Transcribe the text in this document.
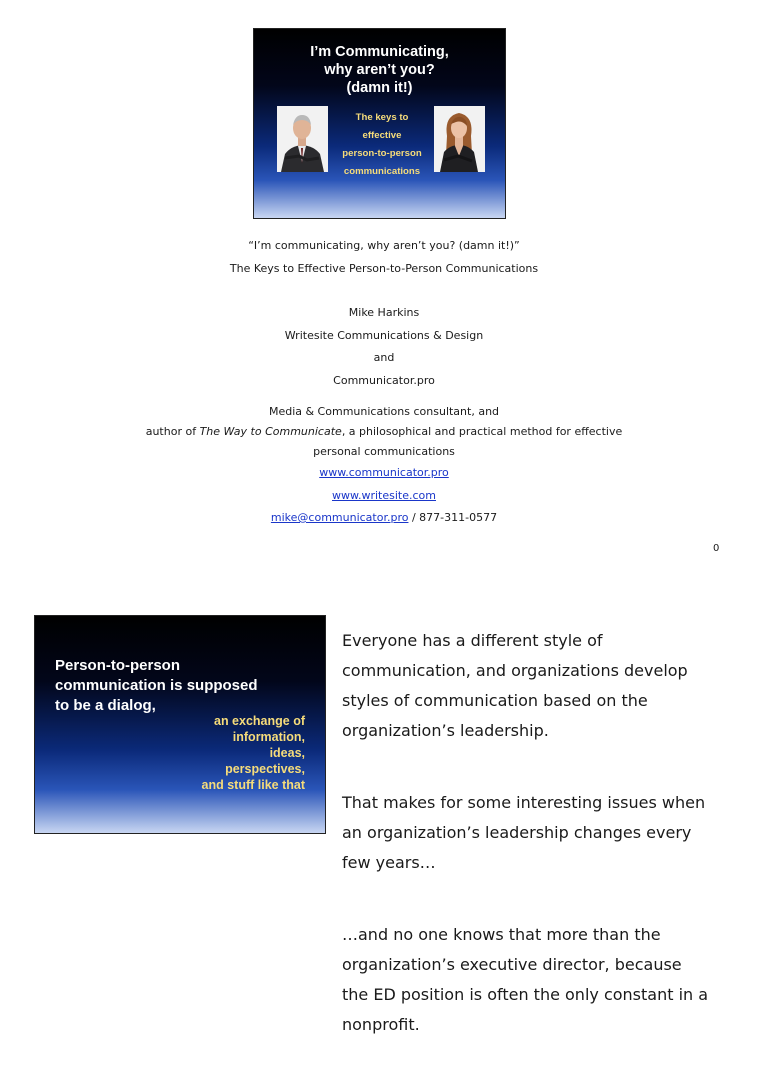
I’m Communicating,
why aren’t you?
(damn it!)
The keys to
effective
person-to-person
communications
“I’m communicating, why aren’t you? (damn it!)”
The Keys to Effective Person-to-Person Communications
Mike Harkins
Writesite Communications & Design
and
Communicator.pro
Media & Communications consultant, and
author of The Way to Communicate, a philosophical and practical method for effective
personal communications
www.communicator.pro
www.writesite.com
mike@communicator.pro / 877-311-0577
0
Person-to-person
communication is supposed
to be a dialog,
an exchange of
information,
ideas,
perspectives,
and stuff like that

Everyone has a different style of communication, and organizations develop styles of communication based on the organization’s leadership.

That makes for some interesting issues when an organization’s leadership changes every few years…

…and no one knows that more than the organization’s executive director, because the ED position is often the only constant in a nonprofit.
